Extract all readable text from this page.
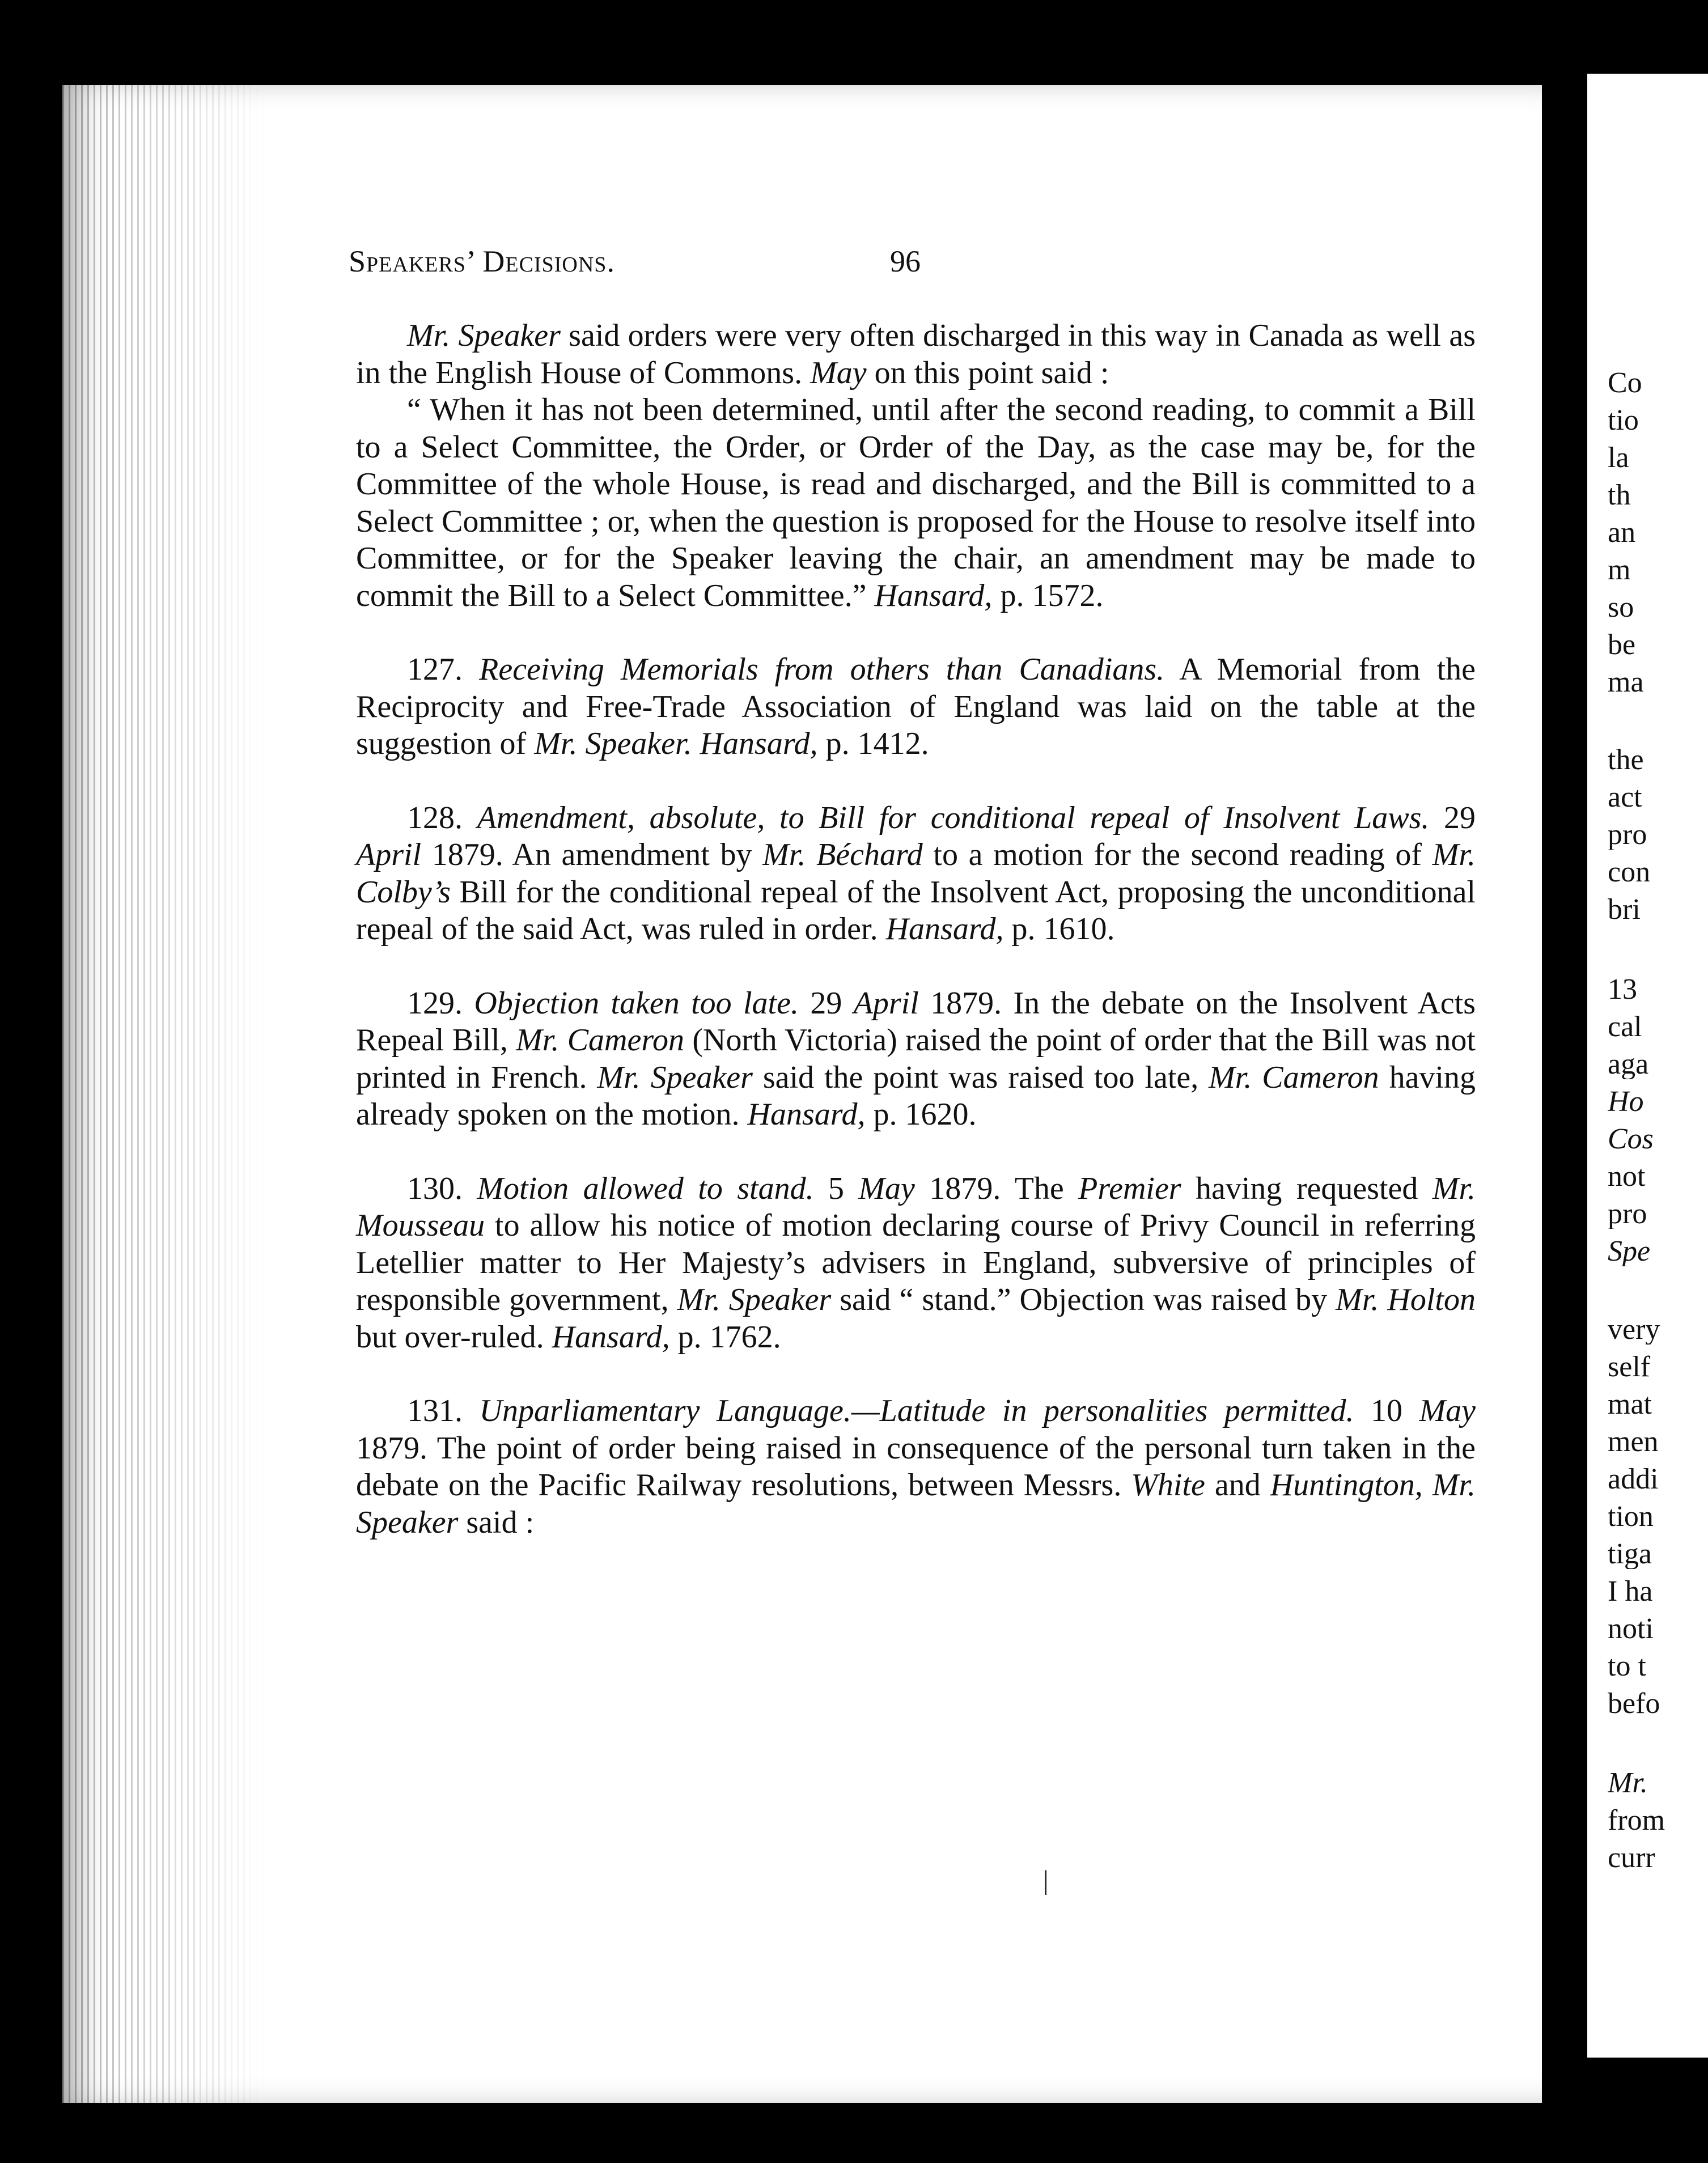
Speakers’ Decisions.	96

Mr. Speaker said orders were very often discharged in this way in Canada as well as in the English House of Commons. May on this point said :

“ When it has not been determined, until after the second reading, to commit a Bill to a Select Committee, the Order, or Order of the Day, as the case may be, for the Committee of the whole House, is read and discharged, and the Bill is committed to a Select Committee ; or, when the question is proposed for the House to resolve itself into Committee, or for the Speaker leaving the chair, an amendment may be made to commit the Bill to a Select Committee.” Hansard, p. 1572.

127. Receiving Memorials from others than Canadians. A Memorial from the Reciprocity and Free-Trade Association of England was laid on the table at the suggestion of Mr. Speaker. Hansard, p. 1412.

128. Amendment, absolute, to Bill for conditional repeal of Insolvent Laws. 29 April 1879. An amendment by Mr. Béchard to a motion for the second reading of Mr. Colby’s Bill for the conditional repeal of the Insolvent Act, proposing the unconditional repeal of the said Act, was ruled in order. Hansard, p. 1610.

129. Objection taken too late. 29 April 1879. In the debate on the Insolvent Acts Repeal Bill, Mr. Cameron (North Victoria) raised the point of order that the Bill was not printed in French. Mr. Speaker said the point was raised too late, Mr. Cameron having already spoken on the motion. Hansard, p. 1620.

130. Motion allowed to stand. 5 May 1879. The Premier having requested Mr. Mousseau to allow his notice of motion declaring course of Privy Council in referring Letellier matter to Her Majesty’s advisers in England, subversive of principles of responsible government, Mr. Speaker said “ stand.” Objection was raised by Mr. Holton but over-ruled. Hansard, p. 1762.

131. Unparliamentary Language.—Latitude in personalities permitted. 10 May 1879. The point of order being raised in consequence of the personal turn taken in the debate on the Pacific Railway resolutions, between Messrs. White and Huntington, Mr. Speaker said :

|
Co
tio
la
th
an
m
so
be
ma
the
act
pro
con
bri
13
cal
aga
Ho
Cos
not
pro
Spe
very
self
mat
men
addi
tion
tiga
I ha
noti
to t
befo
Mr.
from
curr
